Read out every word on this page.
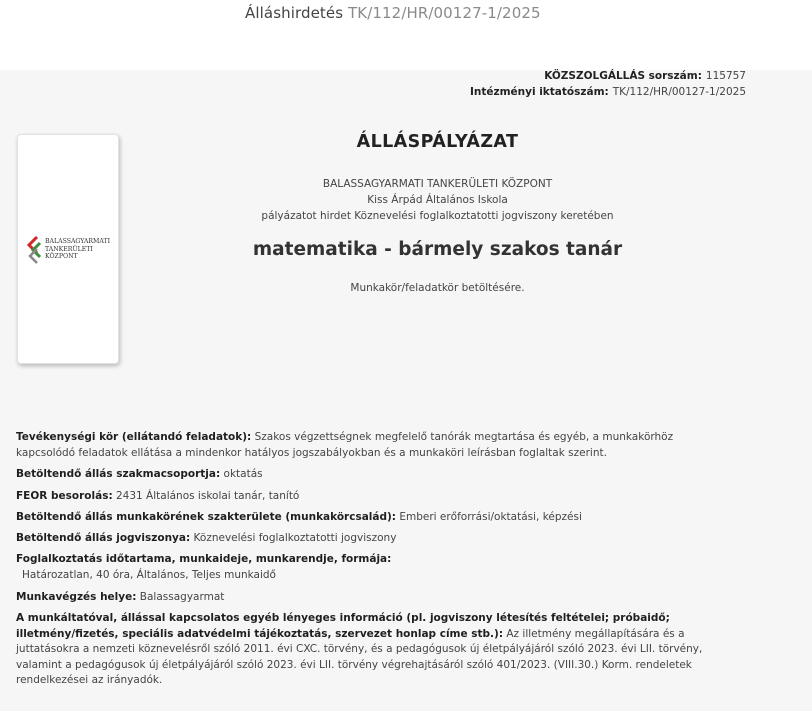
Álláshirdetés TK/112/HR/00127-1/2025
KÖZSZOLGÁLLÁS sorszám: 115757
Intézményi iktatószám: TK/112/HR/00127-1/2025
BALASSAGYARMATI
TANKERÜLETI
KÖZPONT
ÁLLÁSPÁLYÁZAT
BALASSAGYARMATI TANKERÜLETI KÖZPONT
Kiss Árpád Általános Iskola
pályázatot hirdet Köznevelési foglalkoztatotti jogviszony keretében
matematika - bármely szakos tanár
Munkakör/feladatkör betöltésére.
Tevékenységi kör (ellátandó feladatok): Szakos végzettségnek megfelelő tanórák megtartása és egyéb, a munkakörhöz kapcsolódó feladatok ellátása a mindenkor hatályos jogszabályokban és a munkaköri leírásban foglaltak szerint.
Betöltendő állás szakmacsoportja: oktatás
FEOR besorolás: 2431 Általános iskolai tanár, tanító
Betöltendő állás munkakörének szakterülete (munkakörcsalád): Emberi erőforrási/oktatási, képzési
Betöltendő állás jogviszonya: Köznevelési foglalkoztatotti jogviszony
Foglalkoztatás időtartama, munkaideje, munkarendje, formája:
Határozatlan, 40 óra, Általános, Teljes munkaidő
Munkavégzés helye: Balassagyarmat
A munkáltatóval, állással kapcsolatos egyéb lényeges információ (pl. jogviszony létesítés feltételei; próbaidő; illetmény/fizetés, speciális adatvédelmi tájékoztatás, szervezet honlap címe stb.): Az illetmény megállapítására és a juttatásokra a nemzeti köznevelésről szóló 2011. évi CXC. törvény, és a pedagógusok új életpályájáról szóló 2023. évi LII. törvény, valamint a pedagógusok új életpályájáról szóló 2023. évi LII. törvény végrehajtásáról szóló 401/2023. (VIII.30.) Korm. rendeletek rendelkezései az irányadók.
